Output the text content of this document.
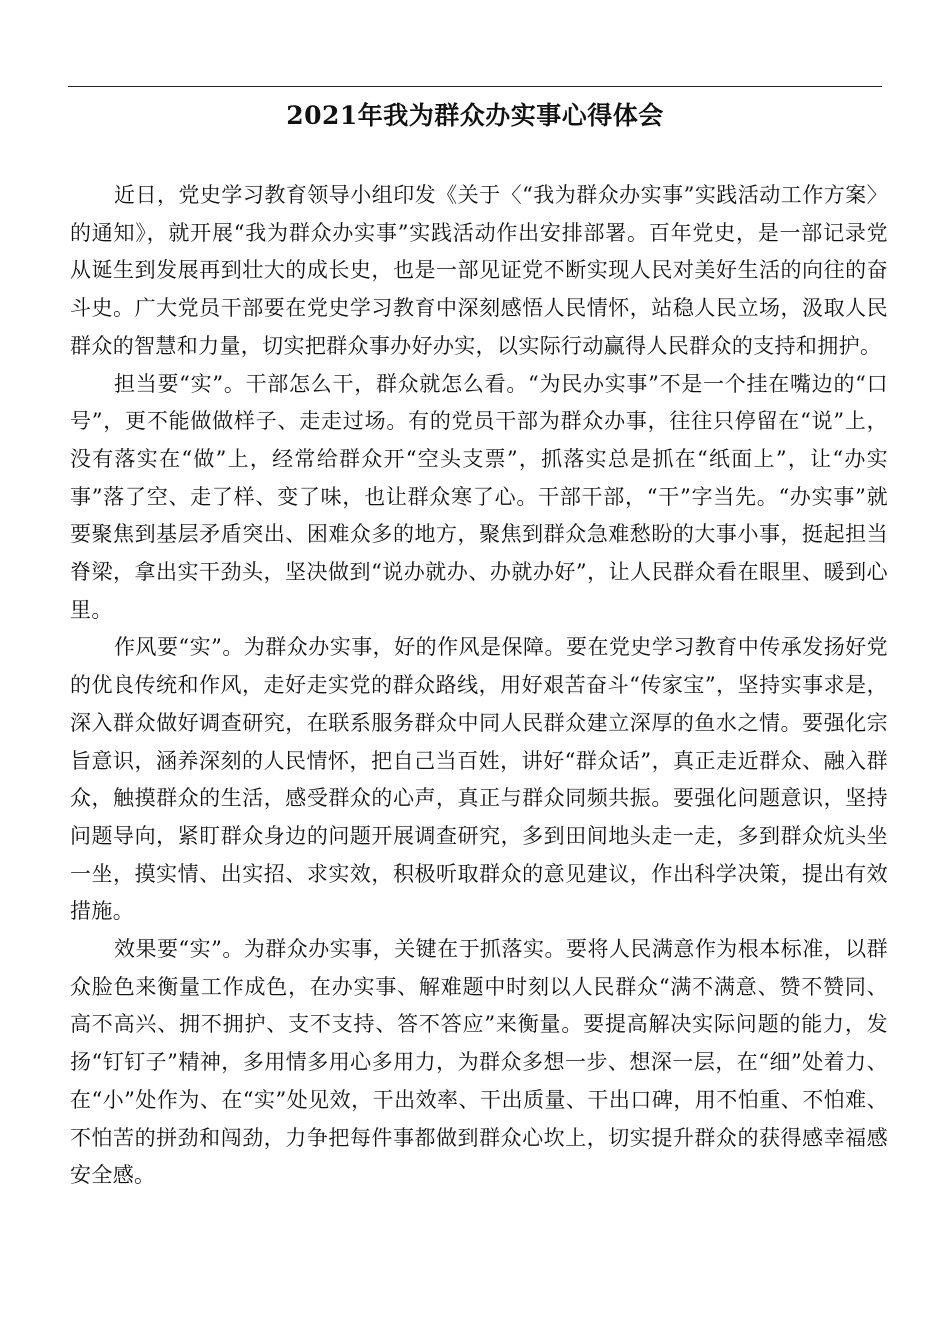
2021年我为群众办实事心得体会

近日，党史学习教育领导小组印发《关于〈“我为群众办实事”实践活动工作方案〉的通知》，就开展“我为群众办实事”实践活动作出安排部署。百年党史，是一部记录党从诞生到发展再到壮大的成长史，也是一部见证党不断实现人民对美好生活的向往的奋斗史。广大党员干部要在党史学习教育中深刻感悟人民情怀，站稳人民立场，汲取人民群众的智慧和力量，切实把群众事办好办实，以实际行动赢得人民群众的支持和拥护。

担当要“实”。干部怎么干，群众就怎么看。“为民办实事”不是一个挂在嘴边的“口号”，更不能做做样子、走走过场。有的党员干部为群众办事，往往只停留在“说”上，没有落实在“做”上，经常给群众开“空头支票”，抓落实总是抓在“纸面上”，让“办实事”落了空、走了样、变了味，也让群众寒了心。干部干部，“干”字当先。“办实事”就要聚焦到基层矛盾突出、困难众多的地方，聚焦到群众急难愁盼的大事小事，挺起担当脊梁，拿出实干劲头，坚决做到“说办就办、办就办好”，让人民群众看在眼里、暖到心里。

作风要“实”。为群众办实事，好的作风是保障。要在党史学习教育中传承发扬好党的优良传统和作风，走好走实党的群众路线，用好艰苦奋斗“传家宝”，坚持实事求是，深入群众做好调查研究，在联系服务群众中同人民群众建立深厚的鱼水之情。要强化宗旨意识，涵养深刻的人民情怀，把自己当百姓，讲好“群众话”，真正走近群众、融入群众，触摸群众的生活，感受群众的心声，真正与群众同频共振。要强化问题意识，坚持问题导向，紧盯群众身边的问题开展调查研究，多到田间地头走一走，多到群众炕头坐一坐，摸实情、出实招、求实效，积极听取群众的意见建议，作出科学决策，提出有效措施。

效果要“实”。为群众办实事，关键在于抓落实。要将人民满意作为根本标准，以群众脸色来衡量工作成色，在办实事、解难题中时刻以人民群众“满不满意、赞不赞同、高不高兴、拥不拥护、支不支持、答不答应”来衡量。要提高解决实际问题的能力，发扬“钉钉子”精神，多用情多用心多用力，为群众多想一步、想深一层，在“细”处着力、在“小”处作为、在“实”处见效，干出效率、干出质量、干出口碑，用不怕重、不怕难、不怕苦的拼劲和闯劲，力争把每件事都做到群众心坎上，切实提升群众的获得感幸福感安全感。
